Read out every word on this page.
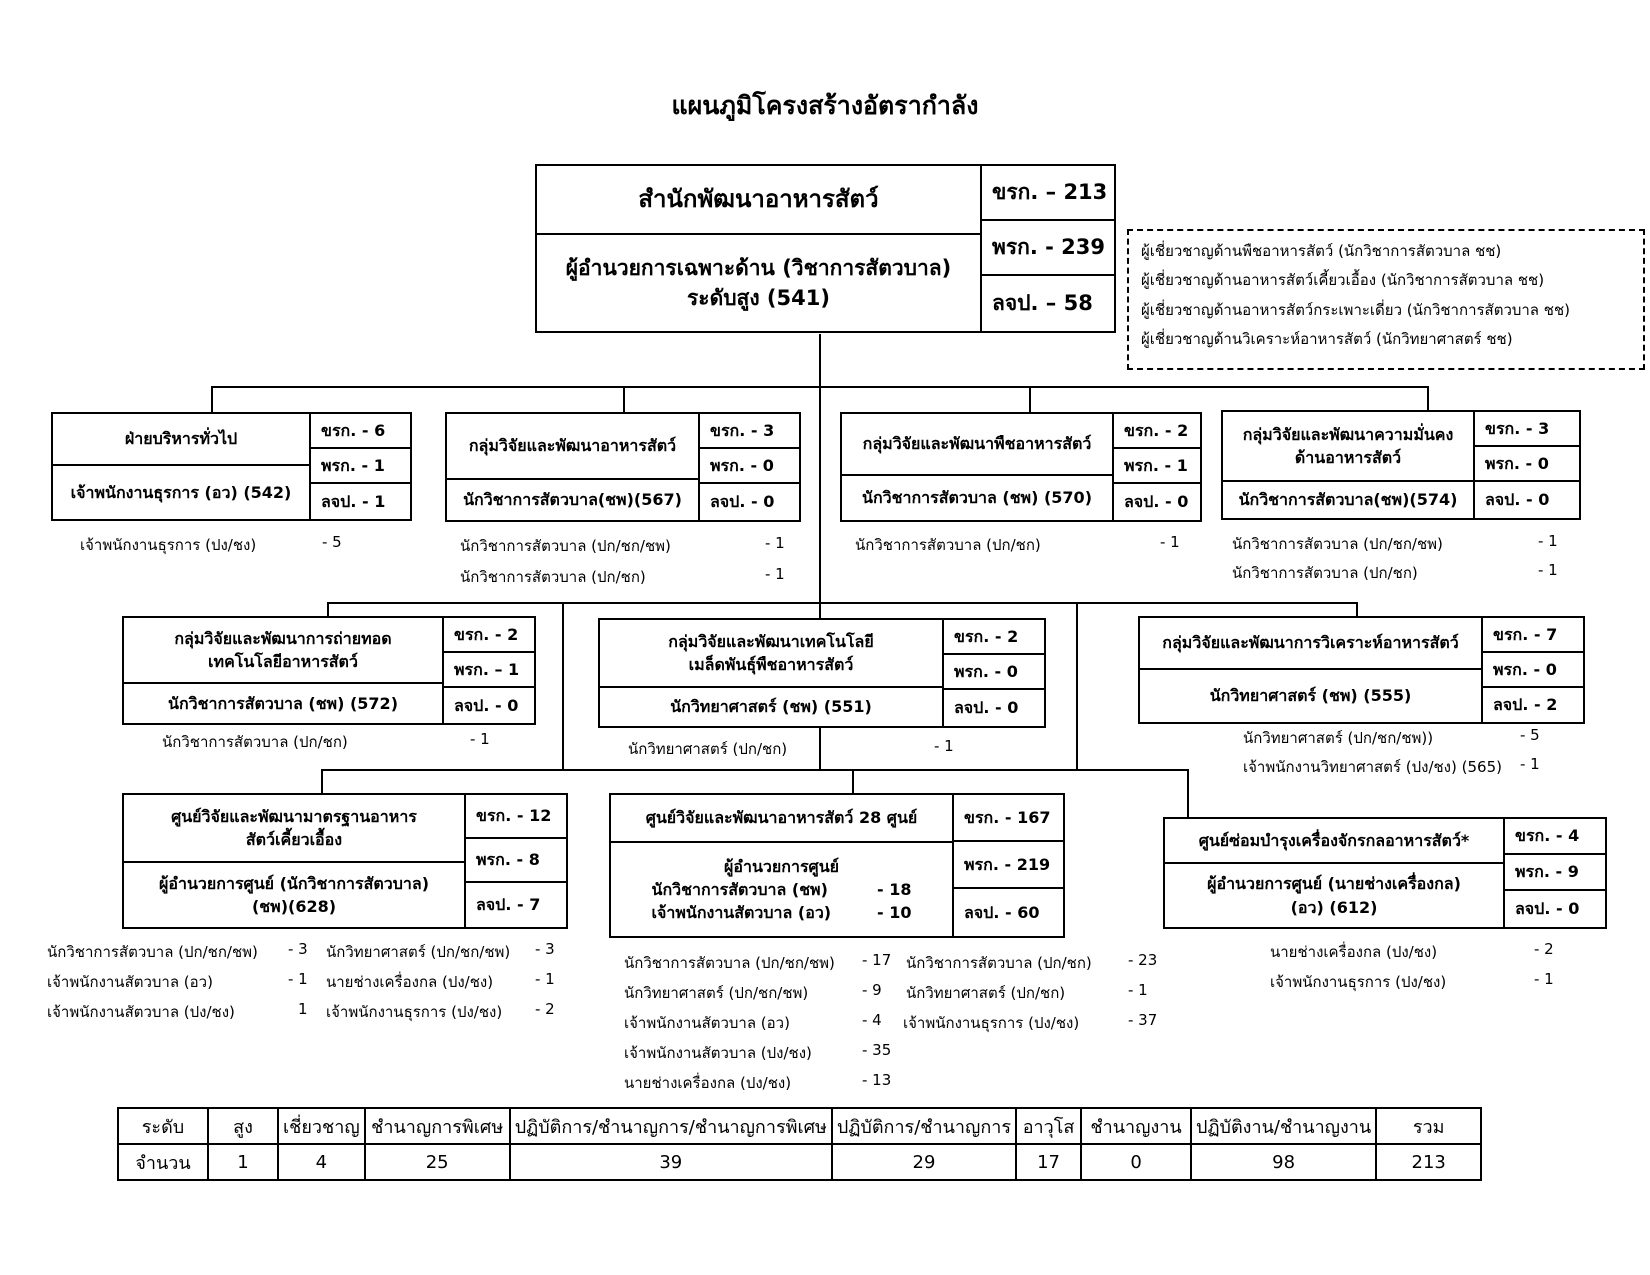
แผนภูมิโครงสร้างอัตรากำลัง
สำนักพัฒนาอาหารสัตว์
ผู้อำนวยการเฉพาะด้าน (วิชาการสัตวบาล)
ระดับสูง (541)
ขรก. – 213
พรก. - 239
ลจป. – 58
ผู้เชี่ยวชาญด้านพืชอาหารสัตว์ (นักวิชาการสัตวบาล ชช)
ผู้เชี่ยวชาญด้านอาหารสัตว์เคี้ยวเอื้อง (นักวิชาการสัตวบาล ชช)
ผู้เชี่ยวชาญด้านอาหารสัตว์กระเพาะเดี่ยว (นักวิชาการสัตวบาล ชช)
ผู้เชี่ยวชาญด้านวิเคราะห์อาหารสัตว์ (นักวิทยาศาสตร์ ชช)
ฝ่ายบริหารทั่วไป
เจ้าพนักงานธุรการ (อว) (542)
ขรก. - 6
พรก. - 1
ลจป. - 1
กลุ่มวิจัยและพัฒนาอาหารสัตว์
นักวิชาการสัตวบาล(ชพ)(567)
ขรก. - 3
พรก. - 0
ลจป. - 0
กลุ่มวิจัยและพัฒนาพืชอาหารสัตว์
นักวิชาการสัตวบาล (ชพ) (570)
ขรก. - 2
พรก. - 1
ลจป. - 0
กลุ่มวิจัยและพัฒนาความมั่นคง ด้านอาหารสัตว์
นักวิชาการสัตวบาล(ชพ)(574)
ขรก. - 3
พรก. - 0
ลจป. - 0
เจ้าพนักงานธุรการ (ปง/ชง)	- 5	นักวิชาการสัตวบาล (ปก/ชก/ชพ)	- 1
นักวิชาการสัตวบาล (ปก/ชก)	- 1
นักวิชาการสัตวบาล (ปก/ชก)	- 1	นักวิชาการสัตวบาล (ปก/ชก/ชพ)	- 1
นักวิชาการสัตวบาล (ปก/ชก)	- 1
กลุ่มวิจัยและพัฒนาการถ่ายทอด เทคโนโลยีอาหารสัตว์
นักวิชาการสัตวบาล (ชพ) (572)
ขรก. - 2
พรก. – 1
ลจป. - 0
กลุ่มวิจัยและพัฒนาเทคโนโลยี เมล็ดพันธุ์พืชอาหารสัตว์
นักวิทยาศาสตร์ (ชพ) (551)
ขรก. - 2
พรก. - 0
ลจป. - 0
กลุ่มวิจัยและพัฒนาการวิเคราะห์อาหารสัตว์
นักวิทยาศาสตร์ (ชพ) (555)
ขรก. - 7
พรก. - 0
ลจป. - 2
นักวิชาการสัตวบาล (ปก/ชก)	- 1
นักวิทยาศาสตร์ (ปก/ชก)	- 1	นักวิทยาศาสตร์ (ปก/ชก/ชพ))	- 5
เจ้าพนักงานวิทยาศาสตร์ (ปง/ชง) (565) - 1
ศูนย์วิจัยและพัฒนามาตรฐานอาหาร สัตว์เคี้ยวเอื้อง
ผู้อำนวยการศูนย์ (นักวิชาการสัตวบาล)(ชพ)(628)
ขรก. - 12
พรก. - 8
ลจป. - 7
ศูนย์วิจัยและพัฒนาอาหารสัตว์ 28 ศูนย์
ผู้อำนวยการศูนย์
นักวิชาการสัตวบาล (ชพ)	- 18
เจ้าพนักงานสัตวบาล (อว)	- 10
ขรก. - 167
พรก. - 219
ลจป. - 60
ศูนย์ซ่อมบำรุงเครื่องจักรกลอาหารสัตว์*
ผู้อำนวยการศูนย์ (นายช่างเครื่องกล) (อว) (612)
ขรก. - 4
พรก. - 9
ลจป. - 0
นักวิชาการสัตวบาล (ปก/ชก/ชพ) - 3
เจ้าพนักงานสัตวบาล (อว)	- 1
เจ้าพนักงานสัตวบาล (ปง/ชง)	1
นักวิทยาศาสตร์ (ปก/ชก/ชพ) - 3
นายช่างเครื่องกล (ปง/ชง)	- 1
เจ้าพนักงานธุรการ (ปง/ชง) - 2
นักวิชาการสัตวบาล (ปก/ชก/ชพ) - 17
นักวิทยาศาสตร์ (ปก/ชก/ชพ)	- 9
เจ้าพนักงานสัตวบาล (อว)	- 4
เจ้าพนักงานสัตวบาล (ปง/ชง)	- 35
นายช่างเครื่องกล (ปง/ชง)	- 13
นักวิชาการสัตวบาล (ปก/ชก) - 23
นักวิทยาศาสตร์ (ปก/ชก)	- 1
เจ้าพนักงานธุรการ (ปง/ชง)	- 37
นายช่างเครื่องกล (ปง/ชง)	- 2
เจ้าพนักงานธุรการ (ปง/ชง)	- 1
ระดับ	สูง	เชี่ยวชาญ	ชำนาญการพิเศษ	ปฏิบัติการ/ชำนาญการ/ชำนาญการพิเศษ	ปฏิบัติการ/ชำนาญการ	อาวุโส	ชำนาญงาน	ปฏิบัติงาน/ชำนาญงาน	รวม
จำนวน	1	4	25	39	29	17	0	98	213
